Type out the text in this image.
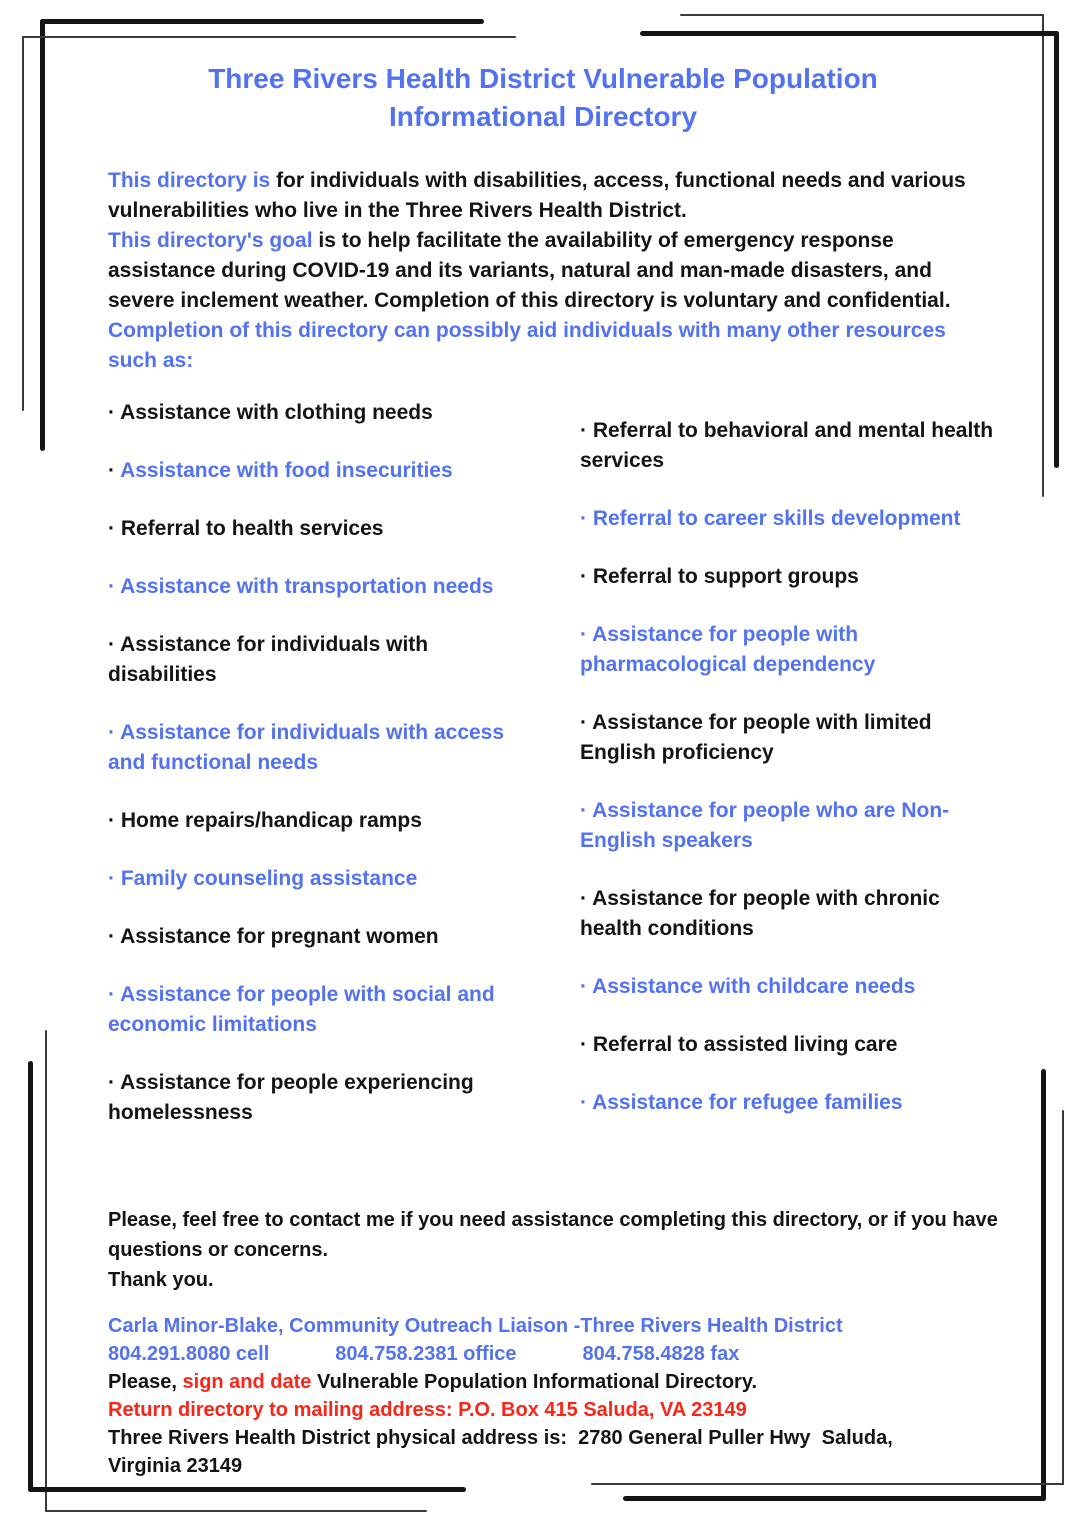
Three Rivers Health District Vulnerable Population Informational Directory

This directory is for individuals with disabilities, access, functional needs and various vulnerabilities who live in the Three Rivers Health District.
This directory's goal is to help facilitate the availability of emergency response assistance during COVID-19 and its variants, natural and man-made disasters, and severe inclement weather. Completion of this directory is voluntary and confidential. Completion of this directory can possibly aid individuals with many other resources such as:

· Assistance with clothing needs
· Assistance with food insecurities
· Referral to health services
· Assistance with transportation needs
· Assistance for individuals with disabilities
· Assistance for individuals with access and functional needs
· Home repairs/handicap ramps
· Family counseling assistance
· Assistance for pregnant women
· Assistance for people with social and economic limitations
· Assistance for people experiencing homelessness
· Referral to behavioral and mental health services
· Referral to career skills development
· Referral to support groups
· Assistance for people with pharmacological dependency
· Assistance for people with limited English proficiency
· Assistance for people who are Non-English speakers
· Assistance for people with chronic health conditions
· Assistance with childcare needs
· Referral to assisted living care
· Assistance for refugee families

Please, feel free to contact me if you need assistance completing this directory, or if you have questions or concerns.
Thank you.

Carla Minor-Blake, Community Outreach Liaison -Three Rivers Health District
804.291.8080 cell	804.758.2381 office	804.758.4828 fax
Please, sign and date Vulnerable Population Informational Directory.
Return directory to mailing address: P.O. Box 415 Saluda, VA 23149
Three Rivers Health District physical address is:  2780 General Puller Hwy  Saluda,
Virginia 23149
